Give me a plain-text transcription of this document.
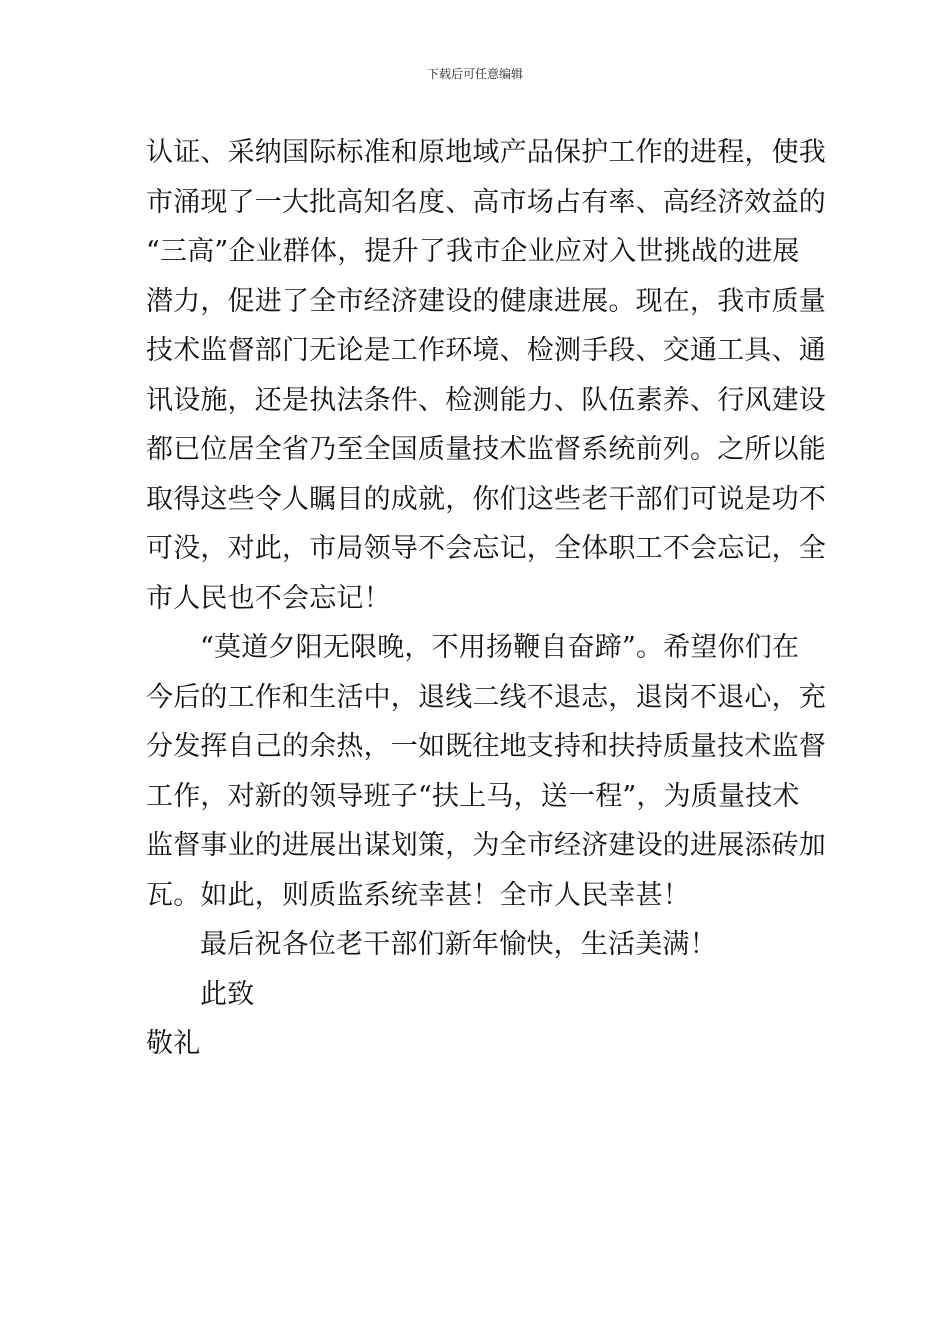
下载后可任意编辑
认证、采纳国际标准和原地域产品保护工作的进程，使我
市涌现了一大批高知名度、高市场占有率、高经济效益的
“三高”企业群体，提升了我市企业应对入世挑战的进展
潜力，促进了全市经济建设的健康进展。现在，我市质量
技术监督部门无论是工作环境、检测手段、交通工具、通
讯设施，还是执法条件、检测能力、队伍素养、行风建设
都已位居全省乃至全国质量技术监督系统前列。之所以能
取得这些令人瞩目的成就，你们这些老干部们可说是功不
可没，对此，市局领导不会忘记，全体职工不会忘记，全
市人民也不会忘记！
“莫道夕阳无限晚，不用扬鞭自奋蹄”。希望你们在
今后的工作和生活中，退线二线不退志，退岗不退心，充
分发挥自己的余热，一如既往地支持和扶持质量技术监督
工作，对新的领导班子“扶上马，送一程”，为质量技术
监督事业的进展出谋划策，为全市经济建设的进展添砖加
瓦。如此，则质监系统幸甚！全市人民幸甚！
最后祝各位老干部们新年愉快，生活美满！
此致
敬礼
